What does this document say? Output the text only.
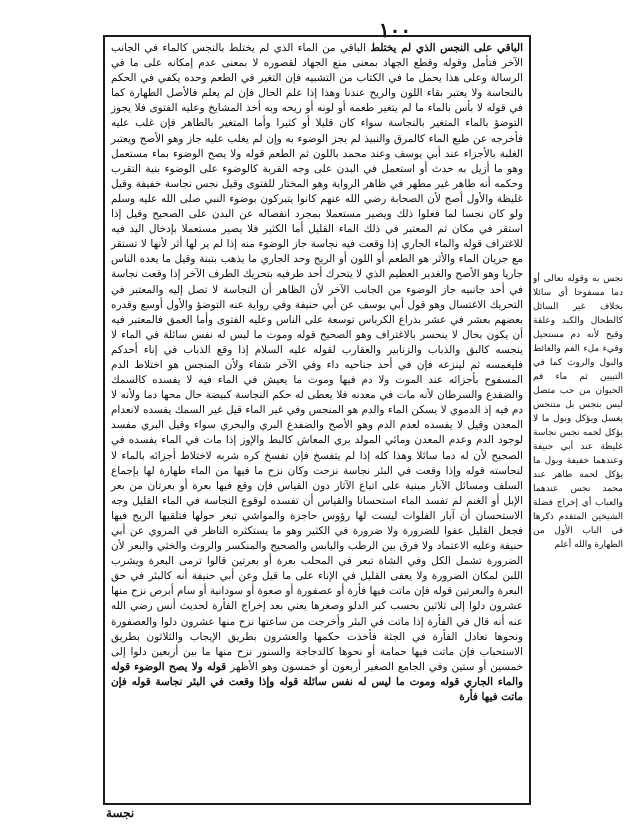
١٠٠

الباقي على النجس الذي لم يختلط الباقي من الماء الذي لم يختلط بالنجس كالماء في الجانب الآخر فتأمل وقوله وقطع الجهاد بمعنى منع الجهاد لقصوره لا بمعنى عدم إمكانه على ما في الرسالة وعلى هذا يحمل ما في الكتاب من التشبيه فإن التغير في الطعم وحده يكفي في الحكم بالنجاسة ولا يعتبر بقاء اللون والريح عندنا وهذا إذا علم الحال فإن لم يعلم فالأصل الطهارة كما في قوله لا بأس بالماء ما لم يتغير طعمه أو لونه أو ريحه وبه أخذ المشايخ وعليه الفتوى فلا يجوز التوضؤ بالماء المتغير بالنجاسة سواء كان قليلا أو كثيرا وأما المتغير بالطاهر فإن غلب عليه فأخرجه عن طبع الماء كالمرق والنبيذ لم يجز الوضوء به وإن لم يغلب عليه جاز وهو الأصح ويعتبر الغلبة بالأجزاء عند أبي يوسف وعند محمد باللون ثم الطعم قوله ولا يصح الوضوء بماء مستعمل وهو ما أزيل به حدث أو استعمل في البدن على وجه القربة كالوضوء على الوضوء بنية التقرب وحكمه أنه طاهر غير مطهر في ظاهر الرواية وهو المختار للفتوى وقيل نجس نجاسة خفيفة وقيل غليظة والأول أصح لأن الصحابة رضي الله عنهم كانوا يتبركون بوضوء النبي صلى الله عليه وسلم ولو كان نجسا لما فعلوا ذلك ويصير مستعملا بمجرد انفصاله عن البدن على الصحيح وقيل إذا استقر في مكان ثم المعتبر في ذلك الماء القليل أما الكثير فلا يصير مستعملا بإدخال اليد فيه للاغتراف قوله والماء الجاري إذا وقعت فيه نجاسة جاز الوضوء منه إذا لم ير لها أثر لأنها لا تستقر مع جريان الماء والأثر هو الطعم أو اللون أو الريح وحد الجاري ما يذهب بتبنة وقيل ما يعده الناس جاريا وهو الأصح والغدير العظيم الذي لا يتحرك أحد طرفيه بتحريك الطرف الآخر إذا وقعت نجاسة في أحد جانبيه جاز الوضوء من الجانب الآخر لأن الظاهر أن النجاسة لا تصل إليه والمعتبر في التحريك الاغتسال وهو قول أبي يوسف عن أبي حنيفة وفي رواية عنه التوضؤ والأول أوسع وقدره بعضهم بعشر في عشر بذراع الكرباس توسعة على الناس وعليه الفتوى وأما العمق فالمعتبر فيه أن يكون بحال لا ينحسر بالاغتراف وهو الصحيح قوله وموت ما ليس له نفس سائلة في الماء لا ينجسه كالبق والذباب والزنابير والعقارب لقوله عليه السلام إذا وقع الذباب في إناء أحدكم فليغمسه ثم لينزعه فإن في أحد جناحيه داء وفي الآخر شفاء ولأن المنجس هو اختلاط الدم المسفوح بأجزائه عند الموت ولا دم فيها وموت ما يعيش في الماء فيه لا يفسده كالسمك والضفدع والسرطان لأنه مات في معدنه فلا يعطى له حكم النجاسة كبيضة حال محها دما ولأنه لا دم فيه إذ الدموي لا يسكن الماء والدم هو المنجس وفي غير الماء قيل غير السمك يفسده لانعدام المعدن وقيل لا يفسده لعدم الدم وهو الأصح والضفدع البري والبحري سواء وقيل البري مفسد لوجود الدم وعدم المعدن ومائي المولد بري المعاش كالبط والإوز إذا مات في الماء يفسده في الصحيح لأن له دما سائلا وهذا كله إذا لم يتفسخ فإن تفسخ كره شربه لاختلاط أجزائه بالماء لا لنجاسته قوله وإذا وقعت في البئر نجاسة نزحت وكان نزح ما فيها من الماء طهارة لها بإجماع السلف ومسائل الآبار مبنية على اتباع الآثار دون القياس فإن وقع فيها بعرة أو بعرتان من بعر الإبل أو الغنم لم تفسد الماء استحسانا والقياس أن تفسده لوقوع النجاسة في الماء القليل وجه الاستحسان أن آبار الفلوات ليست لها رؤوس حاجزة والمواشي تبعر حولها فتلقيها الريح فيها فجعل القليل عفوا للضرورة ولا ضرورة في الكثير وهو ما يستكثره الناظر في المروي عن أبي حنيفة وعليه الاعتماد ولا فرق بين الرطب واليابس والصحيح والمنكسر والروث والخثي والبعر لأن الضرورة تشمل الكل وفي الشاة تبعر في المحلب بعرة أو بعرتين قالوا ترمى البعرة ويشرب اللبن لمكان الضرورة ولا يعفى القليل في الإناء على ما قيل وعن أبي حنيفة أنه كالبئر في حق البعرة والبعرتين قوله فإن ماتت فيها فأرة أو عصفورة أو صعوة أو سودانية أو سام أبرص نزح منها عشرون دلوا إلى ثلاثين بحسب كبر الدلو وصغرها يعني بعد إخراج الفأرة لحديث أنس رضي الله عنه أنه قال في الفأرة إذا ماتت في البئر وأخرجت من ساعتها نزح منها عشرون دلوا والعصفورة ونحوها تعادل الفأرة في الجثة فأخذت حكمها والعشرون بطريق الإيجاب والثلاثون بطريق الاستحباب فإن ماتت فيها حمامة أو نحوها كالدجاجة والسنور نزح منها ما بين أربعين دلوا إلى خمسين أو ستين وفي الجامع الصغير أربعون أو خمسون وهو الأظهر قوله ولا يصح الوضوء قوله والماء الجاري قوله وموت ما ليس له نفس سائلة قوله وإذا وقعت في البئر نجاسة قوله فإن ماتت فيها فأرة

نجس به وقوله تعالى أو دما مسفوحا أي سائلا بخلاف غير السائل كالطحال والكبد وعلقة وقيح لأنه دم مستحيل وقيء ملء الفم والغائط والبول والروث كما في التبيين ثم ماء فم الحيوان من حب متصل ليس بنجس بل متنجس يغسل ويؤكل وبول ما لا يؤكل لحمه نجس نجاسة غليظة عند أبي حنيفة وعندهما خفيفة وبول ما يؤكل لحمه طاهر عند محمد نجس عندهما والعباب أي إخراج فضلة الشيخين المتقدم ذكرها في الباب الأول من الطهارة والله أعلم

نجسة
